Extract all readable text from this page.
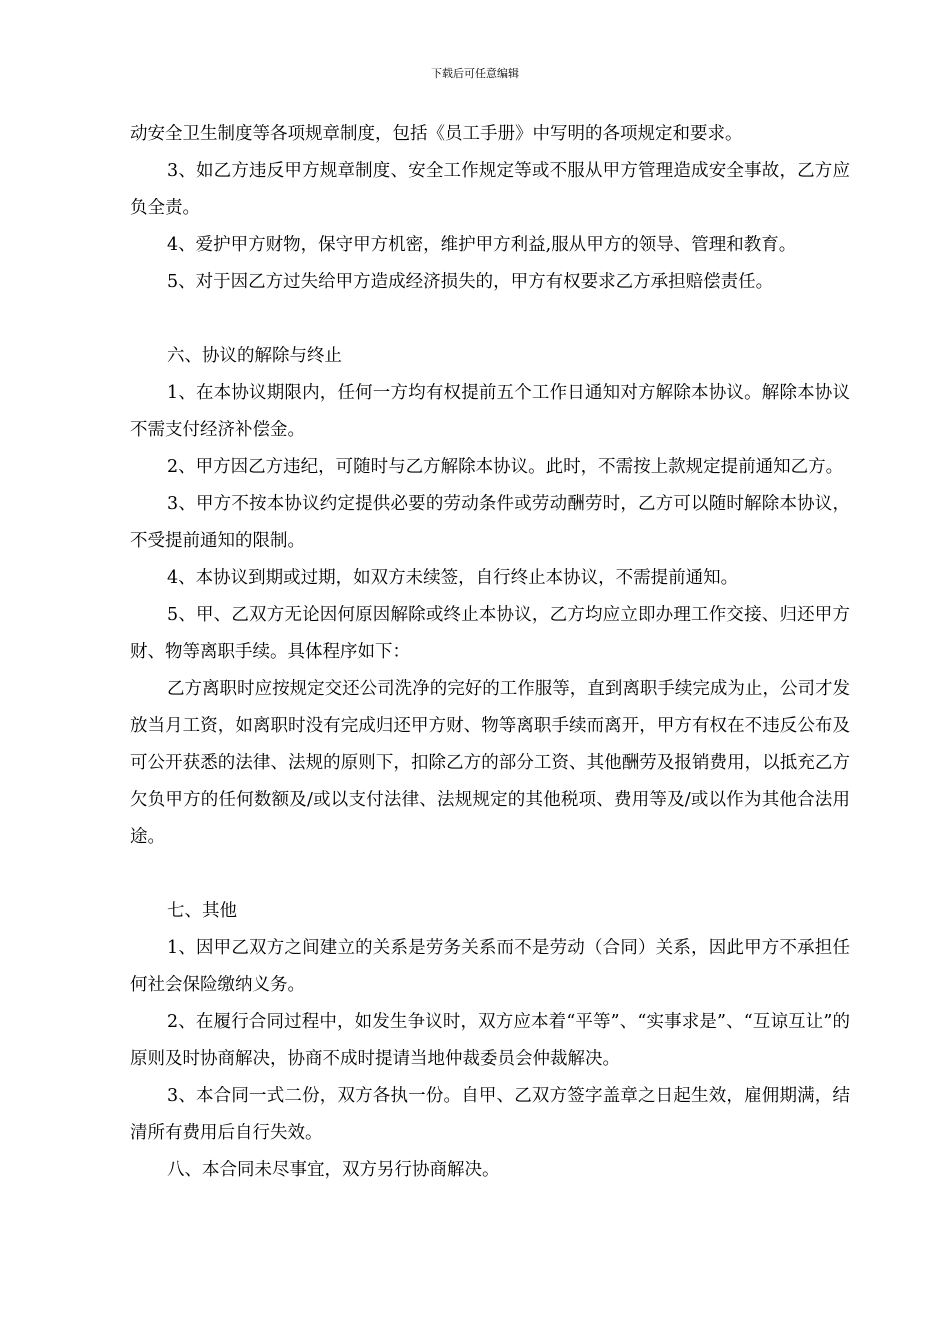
下载后可任意编辑

动安全卫生制度等各项规章制度，包括《员工手册》中写明的各项规定和要求。

3、如乙方违反甲方规章制度、安全工作规定等或不服从甲方管理造成安全事故，乙方应负全责。

4、爱护甲方财物，保守甲方机密，维护甲方利益,服从甲方的领导、管理和教育。

5、对于因乙方过失给甲方造成经济损失的，甲方有权要求乙方承担赔偿责任。

六、协议的解除与终止

1、在本协议期限内，任何一方均有权提前五个工作日通知对方解除本协议。解除本协议不需支付经济补偿金。

2、甲方因乙方违纪，可随时与乙方解除本协议。此时，不需按上款规定提前通知乙方。

3、甲方不按本协议约定提供必要的劳动条件或劳动酬劳时，乙方可以随时解除本协议，不受提前通知的限制。

4、本协议到期或过期，如双方未续签，自行终止本协议，不需提前通知。

5、甲、乙双方无论因何原因解除或终止本协议，乙方均应立即办理工作交接、归还甲方财、物等离职手续。具体程序如下：

乙方离职时应按规定交还公司洗净的完好的工作服等，直到离职手续完成为止，公司才发放当月工资，如离职时没有完成归还甲方财、物等离职手续而离开，甲方有权在不违反公布及可公开获悉的法律、法规的原则下，扣除乙方的部分工资、其他酬劳及报销费用，以抵充乙方欠负甲方的任何数额及/或以支付法律、法规规定的其他税项、费用等及/或以作为其他合法用途。

七、其他

1、因甲乙双方之间建立的关系是劳务关系而不是劳动（合同）关系，因此甲方不承担任何社会保险缴纳义务。

2、在履行合同过程中，如发生争议时，双方应本着“平等”、“实事求是”、“互谅互让”的原则及时协商解决，协商不成时提请当地仲裁委员会仲裁解决。

3、本合同一式二份，双方各执一份。自甲、乙双方签字盖章之日起生效，雇佣期满，结清所有费用后自行失效。

八、本合同未尽事宜，双方另行协商解决。
